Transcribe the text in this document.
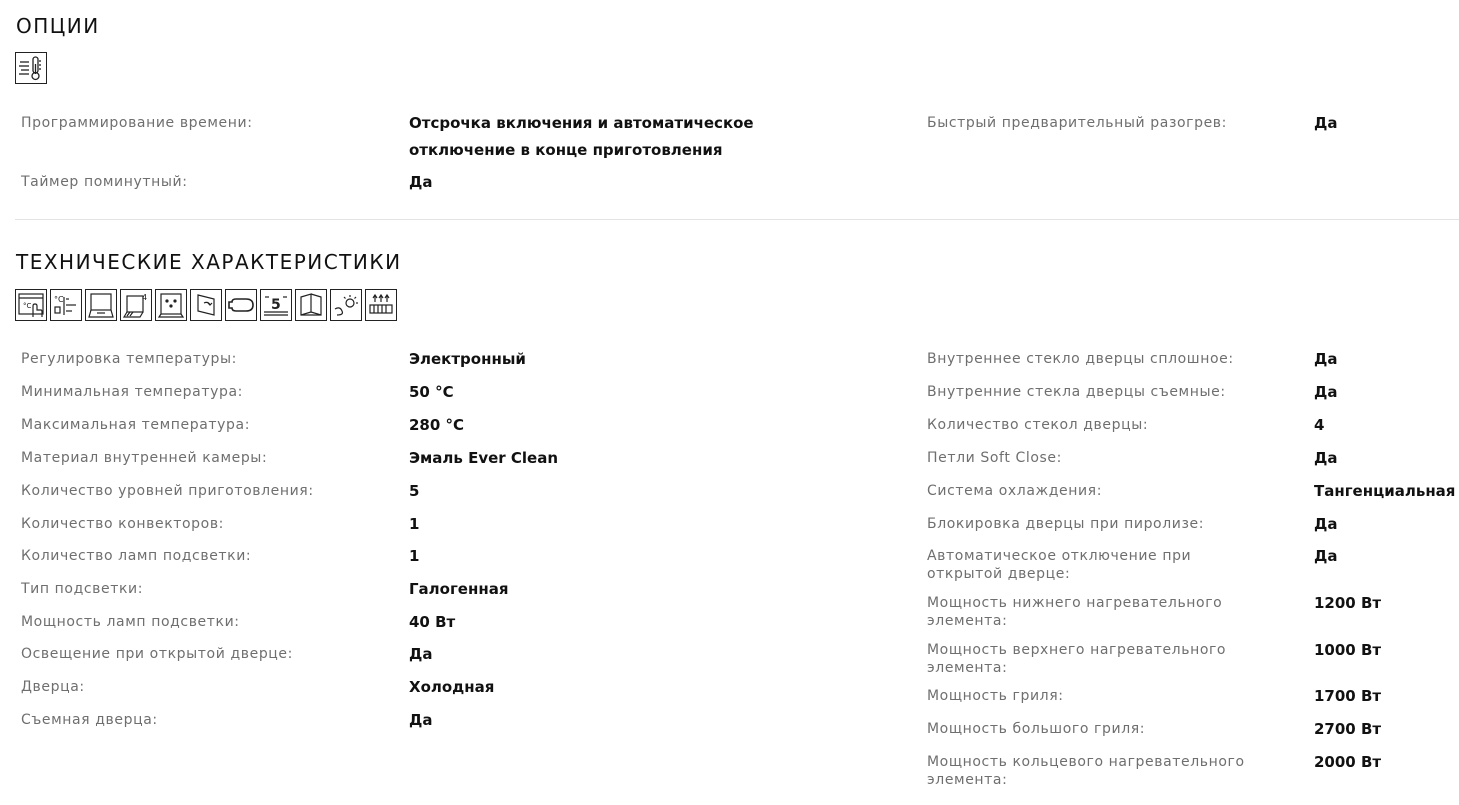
ОПЦИИ
Программирование времени:	Отсрочка включения и автоматическое отключение в конце приготовления
Таймер поминутный:	Да
Быстрый предварительный разогрев:	Да
ТЕХНИЧЕСКИЕ ХАРАКТЕРИСТИКИ
°C
°C	4	5
Регулировка температуры:	Электронный
Минимальная температура:	50 °C
Максимальная температура:	280 °C
Материал внутренней камеры:	Эмаль Ever Clean
Количество уровней приготовления:	5
Количество конвекторов:	1
Количество ламп подсветки:	1
Тип подсветки:	Галогенная
Мощность ламп подсветки:	40 Вт
Освещение при открытой дверце:	Да
Дверца:	Холодная
Съемная дверца:	Да
Внутреннее стекло дверцы сплошное:	Да
Внутренние стекла дверцы съемные:	Да
Количество стекол дверцы:	4
Петли Soft Close:	Да
Система охлаждения:	Тангенциальная
Блокировка дверцы при пиролизе:	Да
Автоматическое отключение при открытой дверце:
Да
Мощность нижнего нагревательного элемента:
1200 Вт
Мощность верхнего нагревательного элемента:
1000 Вт
Мощность гриля:	1700 Вт
Мощность большого гриля:	2700 Вт
Мощность кольцевого нагревательного элемента:
2000 Вт
